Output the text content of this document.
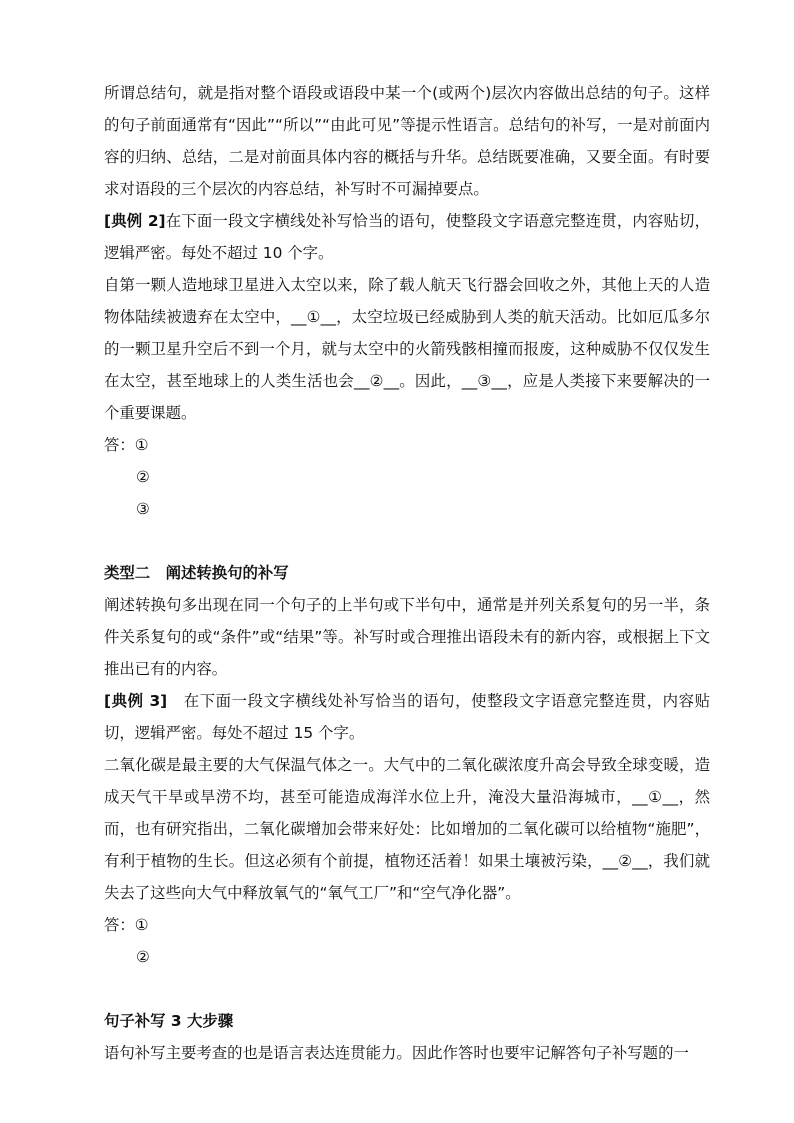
所谓总结句，就是指对整个语段或语段中某一个(或两个)层次内容做出总结的句子。这样的句子前面通常有“因此”“所以”“由此可见”等提示性语言。总结句的补写，一是对前面内容的归纳、总结，二是对前面具体内容的概括与升华。总结既要准确，又要全面。有时要求对语段的三个层次的内容总结，补写时不可漏掉要点。

[典例 2]在下面一段文字横线处补写恰当的语句，使整段文字语意完整连贯，内容贴切，逻辑严密。每处不超过 10 个字。

自第一颗人造地球卫星进入太空以来，除了载人航天飞行器会回收之外，其他上天的人造物体陆续被遗弃在太空中，__①__，太空垃圾已经威胁到人类的航天活动。比如厄瓜多尔的一颗卫星升空后不到一个月，就与太空中的火箭残骸相撞而报废，这种威胁不仅仅发生在太空，甚至地球上的人类生活也会__②__。因此，__③__，应是人类接下来要解决的一个重要课题。

答：①

②

③

类型二　阐述转换句的补写

阐述转换句多出现在同一个句子的上半句或下半句中，通常是并列关系复句的另一半，条件关系复句的或“条件”或“结果”等。补写时或合理推出语段未有的新内容，或根据上下文推出已有的内容。

[典例 3]　在下面一段文字横线处补写恰当的语句，使整段文字语意完整连贯，内容贴切，逻辑严密。每处不超过 15 个字。

二氧化碳是最主要的大气保温气体之一。大气中的二氧化碳浓度升高会导致全球变暖，造成天气干旱或旱涝不均，甚至可能造成海洋水位上升，淹没大量沿海城市，__①__，然而，也有研究指出，二氧化碳增加会带来好处：比如增加的二氧化碳可以给植物“施肥”，有利于植物的生长。但这必须有个前提，植物还活着！如果土壤被污染，__②__，我们就失去了这些向大气中释放氧气的“氧气工厂”和“空气净化器”。

答：①

②

句子补写 3 大步骤

语句补写主要考查的也是语言表达连贯能力。因此作答时也要牢记解答句子补写题的一
